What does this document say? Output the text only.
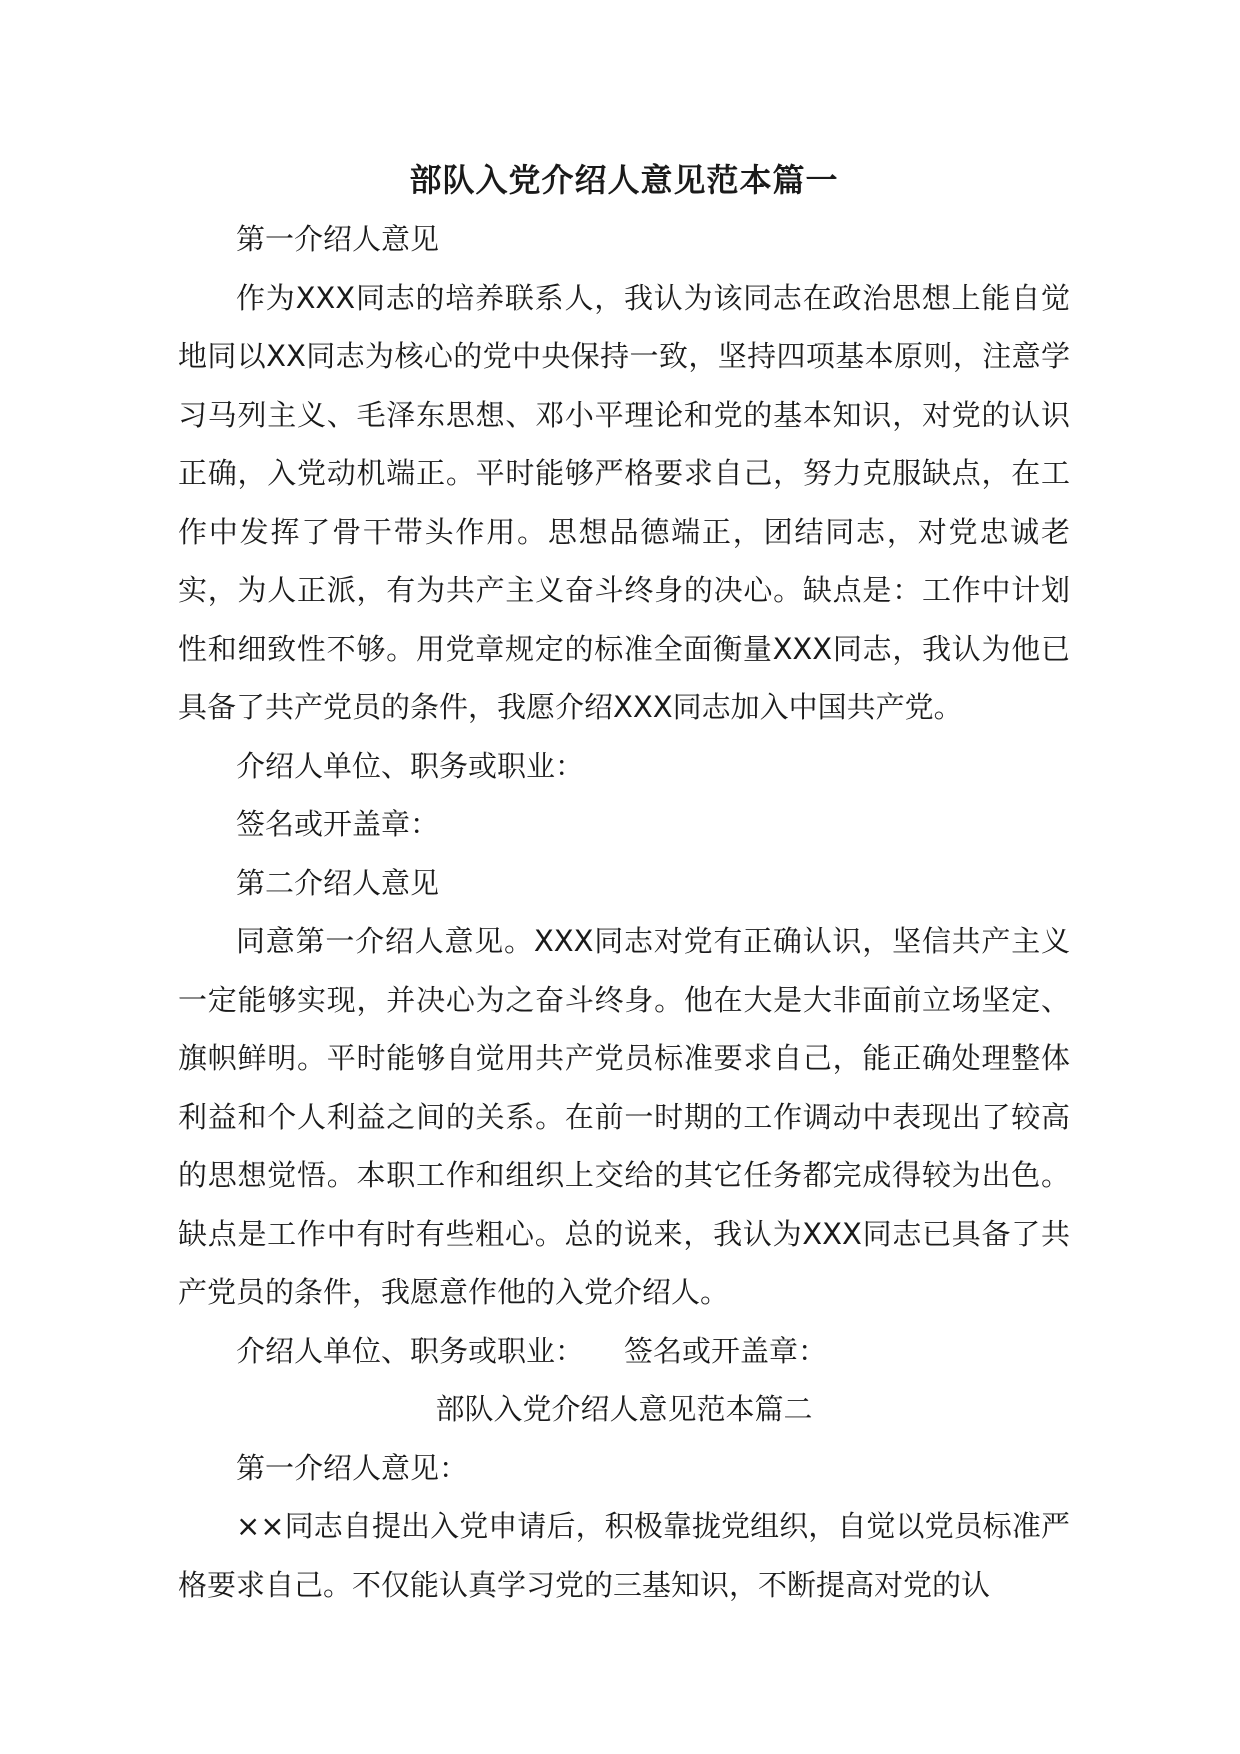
部队入党介绍人意见范本篇一

第一介绍人意见

作为XXX同志的培养联系人，我认为该同志在政治思想上能自觉地同以XX同志为核心的党中央保持一致，坚持四项基本原则，注意学习马列主义、毛泽东思想、邓小平理论和党的基本知识，对党的认识正确，入党动机端正。平时能够严格要求自己，努力克服缺点，在工作中发挥了骨干带头作用。思想品德端正，团结同志，对党忠诚老实，为人正派，有为共产主义奋斗终身的决心。缺点是：工作中计划性和细致性不够。用党章规定的标准全面衡量XXX同志，我认为他已具备了共产党员的条件，我愿介绍XXX同志加入中国共产党。

介绍人单位、职务或职业：

签名或开盖章：

第二介绍人意见

同意第一介绍人意见。XXX同志对党有正确认识，坚信共产主义一定能够实现，并决心为之奋斗终身。他在大是大非面前立场坚定、旗帜鲜明。平时能够自觉用共产党员标准要求自己，能正确处理整体利益和个人利益之间的关系。在前一时期的工作调动中表现出了较高的思想觉悟。本职工作和组织上交给的其它任务都完成得较为出色。缺点是工作中有时有些粗心。总的说来，我认为XXX同志已具备了共产党员的条件，我愿意作他的入党介绍人。

介绍人单位、职务或职业： 签名或开盖章：

部队入党介绍人意见范本篇二

第一介绍人意见：

××同志自提出入党申请后，积极靠拢党组织，自觉以党员标准严格要求自己。不仅能认真学习党的三基知识，不断提高对党的认
